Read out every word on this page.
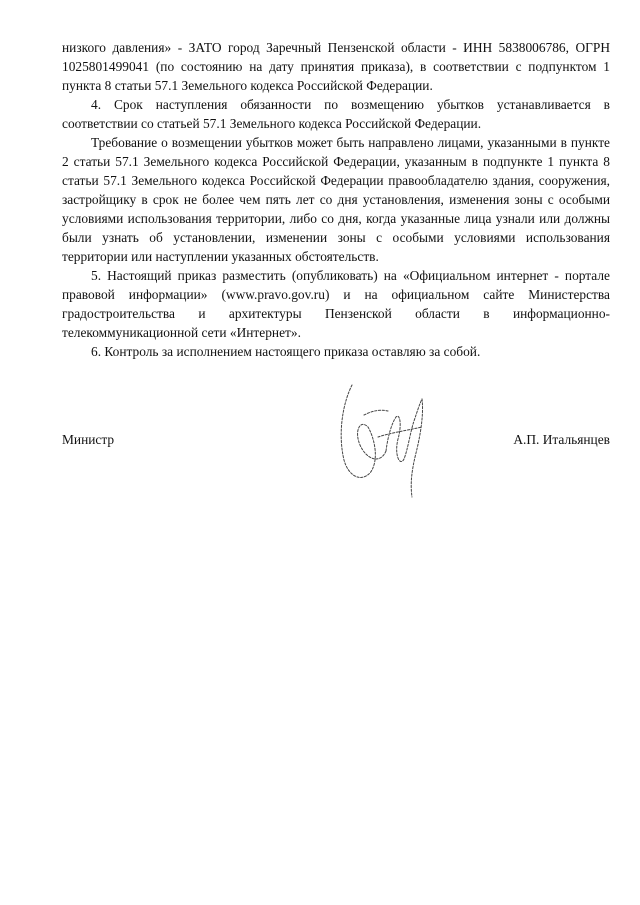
низкого давления» - ЗАТО город Заречный Пензенской области - ИНН 5838006786, ОГРН 1025801499041 (по состоянию на дату принятия приказа), в соответствии с подпунктом 1 пункта 8 статьи 57.1 Земельного кодекса Российской Федерации.

4. Срок наступления обязанности по возмещению убытков устанавливается в соответствии со статьей 57.1 Земельного кодекса Российской Федерации.

Требование о возмещении убытков может быть направлено лицами, указанными в пункте 2 статьи 57.1 Земельного кодекса Российской Федерации, указанным в подпункте 1 пункта 8 статьи 57.1 Земельного кодекса Российской Федерации правообладателю здания, сооружения, застройщику в срок не более чем пять лет со дня установления, изменения зоны с особыми условиями использования территории, либо со дня, когда указанные лица узнали или должны были узнать об установлении, изменении зоны с особыми условиями использования территории или наступлении указанных обстоятельств.

5. Настоящий приказ разместить (опубликовать) на «Официальном интернет - портале правовой информации» (www.pravo.gov.ru) и на официальном сайте Министерства градостроительства и архитектуры Пензенской области в информационно-телекоммуникационной сети «Интернет».

6. Контроль за исполнением настоящего приказа оставляю за собой.

Министр	А.П. Итальянцев
